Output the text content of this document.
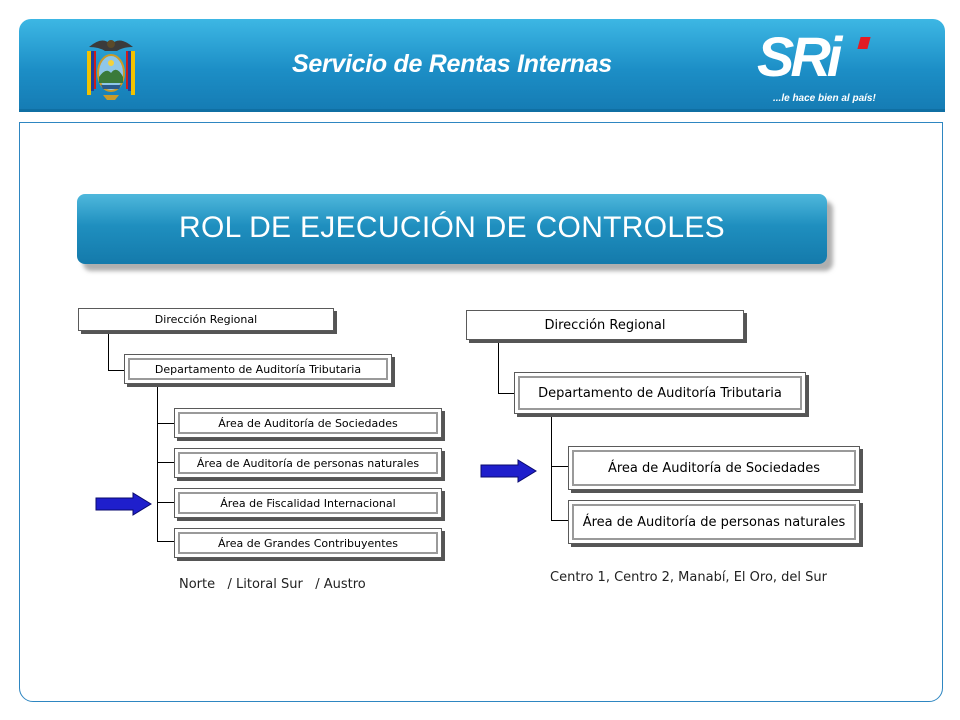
Servicio de Rentas Internas	SRi
...le hace bien al país!
ROL DE EJECUCIÓN DE CONTROLES
Dirección Regional
Departamento de Auditoría Tributaria
Área de Auditoría de Sociedades
Área de Auditoría de personas naturales
Área de Fiscalidad Internacional
Área de Grandes Contribuyentes
Norte   / Litoral Sur   / Austro
Dirección Regional
Departamento de Auditoría Tributaria
Área de Auditoría de Sociedades
Área de Auditoría de personas naturales
Centro 1, Centro 2, Manabí, El Oro, del Sur
